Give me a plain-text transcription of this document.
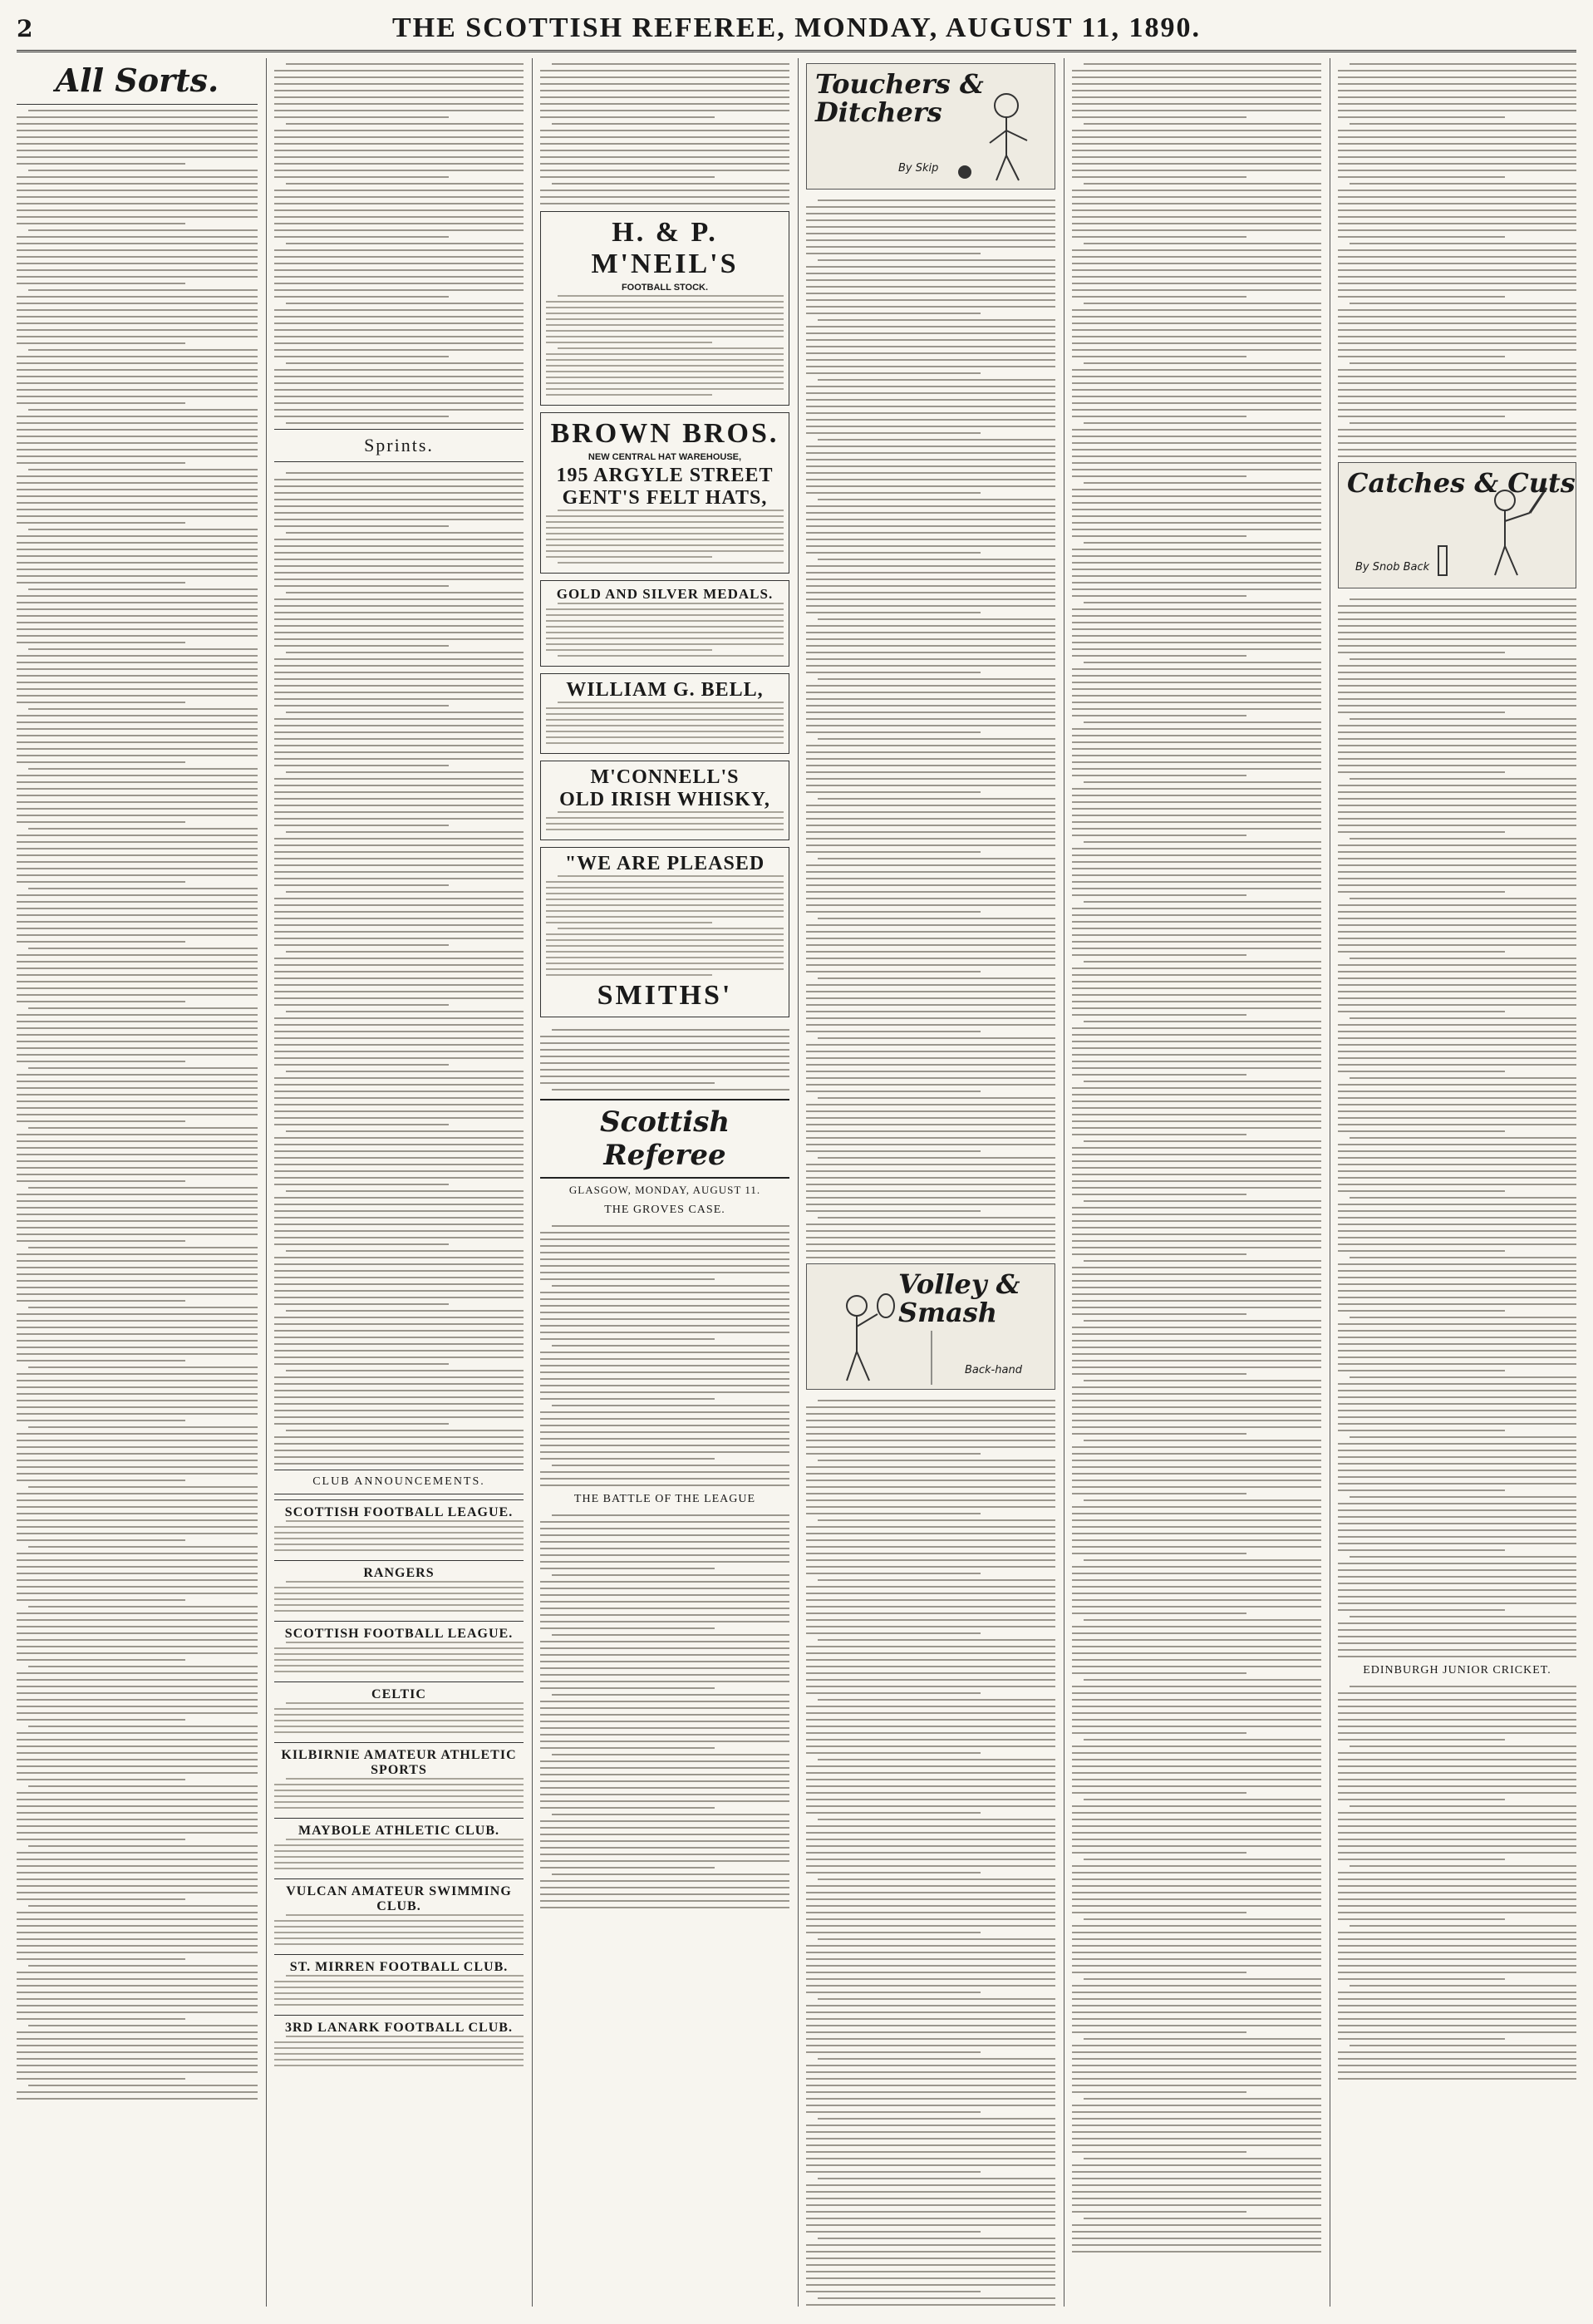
2	THE SCOTTISH REFEREE, MONDAY, AUGUST 11, 1890.
All Sorts.
Sprints.
CLUB ANNOUNCEMENTS.
SCOTTISH FOOTBALL LEAGUE.
RANGERS
SCOTTISH FOOTBALL LEAGUE.
CELTIC
KILBIRNIE AMATEUR ATHLETIC SPORTS
MAYBOLE ATHLETIC CLUB.
VULCAN AMATEUR SWIMMING CLUB.
ST. MIRREN FOOTBALL CLUB.
3RD LANARK FOOTBALL CLUB.
H. & P. M'NEIL'S
FOOTBALL STOCK.
BROWN BROS.
NEW CENTRAL HAT WAREHOUSE,
195 ARGYLE STREET
GENT'S FELT HATS,
GOLD AND SILVER MEDALS.
WILLIAM G. BELL,
M'CONNELL'S
OLD IRISH WHISKY,
"WE ARE PLEASED
SMITHS'
Scottish Referee
GLASGOW, MONDAY, AUGUST 11.
THE GROVES CASE.
THE BATTLE OF THE LEAGUE
Touchers & Ditchers
By Skip
Volley & Smash
Back-hand
Catches & Cuts
By Snob Back
EDINBURGH JUNIOR CRICKET.
